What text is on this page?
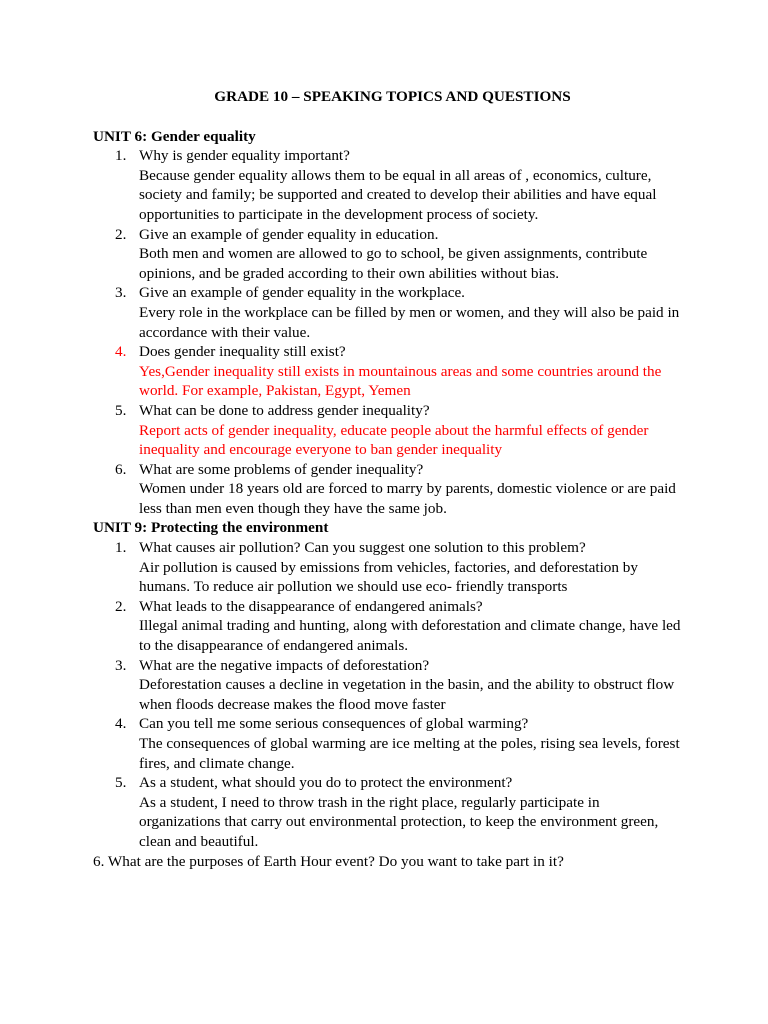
GRADE 10 – SPEAKING TOPICS AND QUESTIONS
UNIT 6: Gender equality
1. Why is gender equality important?
Because gender equality allows them to be equal in all areas of , economics, culture, society and family; be supported and created to develop their abilities and have equal opportunities to participate in the development process of society.
2. Give an example of gender equality in education.
Both men and women are allowed to go to school, be given assignments, contribute opinions, and be graded according to their own abilities without bias.
3. Give an example of gender equality in the workplace.
Every role in the workplace can be filled by men or women, and they will also be paid in accordance with their value.
4. Does gender inequality still exist?
Yes,Gender inequality still exists in mountainous areas and some countries around the world. For example, Pakistan, Egypt, Yemen
5. What can be done to address gender inequality?
Report acts of gender inequality, educate people about the harmful effects of gender inequality and encourage everyone to ban gender inequality
6. What are some problems of gender inequality?
Women under 18 years old are forced to marry by parents, domestic violence or are paid less than men even though they have the same job.
UNIT 9: Protecting the environment
1. What causes air pollution? Can you suggest one solution to this problem?
Air pollution is caused by emissions from vehicles, factories, and deforestation by humans. To reduce air pollution we should use eco- friendly transports
2. What leads to the disappearance of endangered animals?
Illegal animal trading and hunting, along with deforestation and climate change, have led to the disappearance of endangered animals.
3. What are the negative impacts of deforestation?
Deforestation causes a decline in vegetation in the basin, and the ability to obstruct flow when floods decrease makes the flood move faster
4. Can you tell me some serious consequences of global warming?
The consequences of global warming are ice melting at the poles, rising sea levels, forest fires, and climate change.
5. As a student, what should you do to protect the environment?
As a student, I need to throw trash in the right place, regularly participate in organizations that carry out environmental protection, to keep the environment green, clean and beautiful.
6. What are the purposes of Earth Hour event? Do you want to take part in it?
